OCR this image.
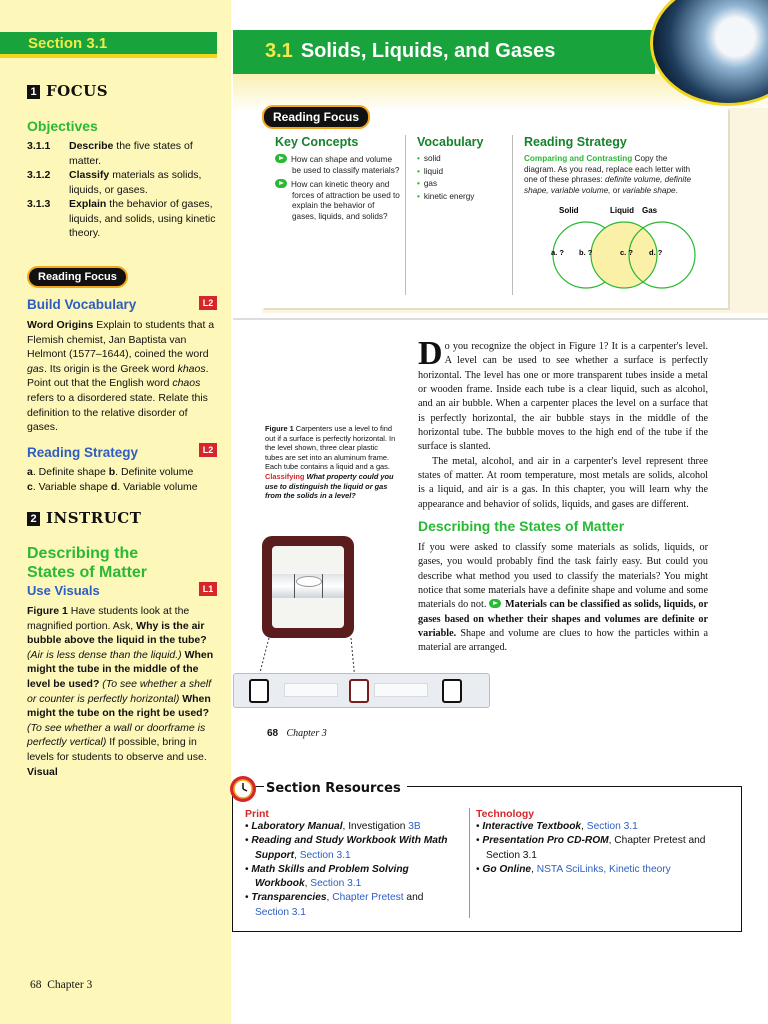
Section 3.1
1 FOCUS
Objectives
3.1.1	Describe the five states of matter.
3.1.2	Classify materials as solids, liquids, or gases.
3.1.3	Explain the behavior of gases, liquids, and solids, using kinetic theory.
Reading Focus
Build Vocabulary	L2
Word Origins Explain to students that a Flemish chemist, Jan Baptista van Helmont (1577–1644), coined the word gas. Its origin is the Greek word khaos. Point out that the English word chaos refers to a disordered state. Relate this definition to the relative disorder of gases.
Reading Strategy	L2
a. Definite shape b. Definite volume
c. Variable shape d. Variable volume
2 INSTRUCT
Describing the States of Matter
Use Visuals	L1
Figure 1 Have students look at the magnified portion. Ask, Why is the air bubble above the liquid in the tube? (Air is less dense than the liquid.) When might the tube in the middle of the level be used? (To see whether a shelf or counter is perfectly horizontal) When might the tube on the right be used? (To see whether a wall or doorframe is perfectly vertical) If possible, bring in levels for students to observe and use.
Visual
3.1 Solids, Liquids, and Gases
Reading Focus
Key Concepts
How can shape and volume be used to classify materials?
How can kinetic theory and forces of attraction be used to explain the behavior of gases, liquids, and solids?
Vocabulary
• solid
• liquid
• gas
• kinetic energy
Reading Strategy
Comparing and Contrasting Copy the diagram. As you read, replace each letter with one of these phrases: definite volume, definite shape, variable volume, or variable shape.
Solid	Liquid Gas
a. ? b. ?	c. ? d. ?
Figure 1 Carpenters use a level to find out if a surface is perfectly horizontal. In the level shown, three clear plastic tubes are set into an aluminum frame. Each tube contains a liquid and a gas. Classifying What property could you use to distinguish the liquid or gas from the solids in a level?
68 Chapter 3
Do you recognize the object in Figure 1? It is a carpenter's level. A level can be used to see whether a surface is perfectly horizontal. The level has one or more transparent tubes inside a metal or wooden frame. Inside each tube is a clear liquid, such as alcohol, and an air bubble. When a carpenter places the level on a surface that is perfectly horizontal, the air bubble stays in the middle of the horizontal tube. The bubble moves to the high end of the tube if the surface is slanted.
The metal, alcohol, and air in a carpenter's level represent three states of matter. At room temperature, most metals are solids, alcohol is a liquid, and air is a gas. In this chapter, you will learn why the appearance and behavior of solids, liquids, and gases are different.
Describing the States of Matter
If you were asked to classify some materials as solids, liquids, or gases, you would probably find the task fairly easy. But could you describe what method you used to classify the materials? You might notice that some materials have a definite shape and volume and some materials do not. Materials can be classified as solids, liquids, or gases based on whether their shapes and volumes are definite or variable. Shape and volume are clues to how the particles within a material are arranged.
Section Resources
Print
• Laboratory Manual, Investigation 3B
• Reading and Study Workbook With Math Support, Section 3.1
• Math Skills and Problem Solving Workbook, Section 3.1
• Transparencies, Chapter Pretest and Section 3.1
Technology
• Interactive Textbook, Section 3.1
• Presentation Pro CD-ROM, Chapter Pretest and Section 3.1
• Go Online, NSTA SciLinks, Kinetic theory
68 Chapter 3
